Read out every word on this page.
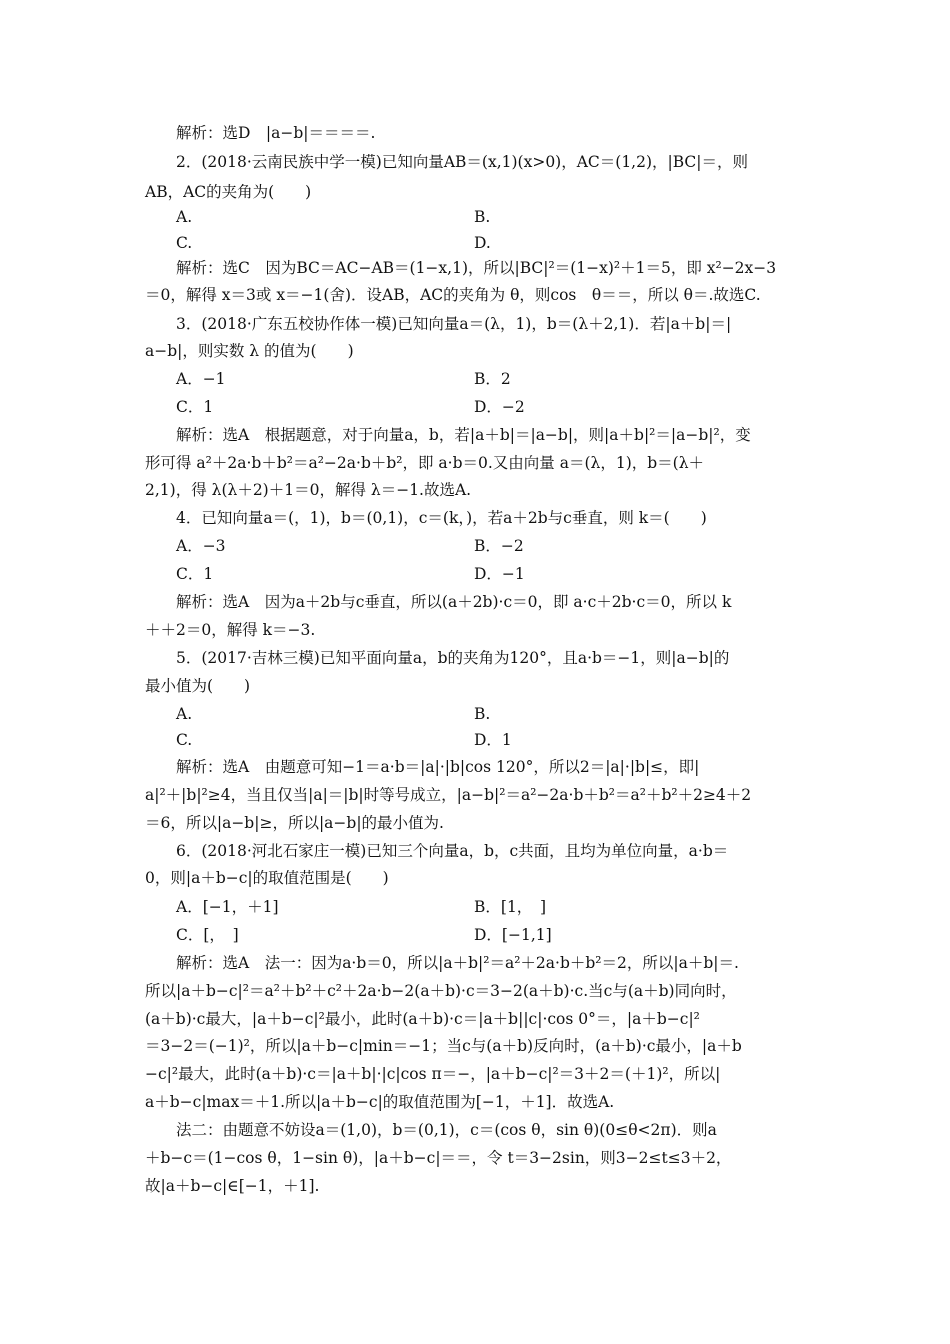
解析：选D　|a−b|＝＝＝＝.

2．(2018·云南民族中学一模)已知向量AB＝(x,1)(x>0)，AC＝(1,2)，|BC|＝，则

AB，AC的夹角为(　　)

A.	B.
C.	D.

解析：选C　因为BC＝AC−AB＝(1−x,1)，所以|BC|²＝(1−x)²＋1＝5，即 x²−2x−3

＝0，解得 x＝3或 x＝−1(舍)．设AB，AC的夹角为 θ，则cos　θ＝＝，所以 θ＝.故选C.

3．(2018·广东五校协作体一模)已知向量a＝(λ，1)，b＝(λ＋2,1)．若|a＋b|＝|

a−b|，则实数 λ 的值为(　　)

A．−1	B．2
C．1	D．−2

解析：选A　根据题意，对于向量a，b，若|a＋b|＝|a−b|，则|a＋b|²＝|a−b|²，变

形可得 a²＋2a·b＋b²＝a²−2a·b＋b²，即 a·b＝0.又由向量 a＝(λ，1)，b＝(λ＋

2,1)，得 λ(λ＋2)＋1＝0，解得 λ＝−1.故选A.

4．已知向量a＝(，1)，b＝(0,1)，c＝(k，)，若a＋2b与c垂直，则 k＝(　　)

A．−3	B．−2
C．1	D．−1

解析：选A　因为a＋2b与c垂直，所以(a＋2b)·c＝0，即 a·c＋2b·c＝0，所以 k

＋＋2＝0，解得 k＝−3.

5．(2017·吉林三模)已知平面向量a，b的夹角为120°，且a·b＝−1，则|a−b|的

最小值为(　　)

A.	B.
C.	D．1

解析：选A　由题意可知−1＝a·b＝|a|·|b|cos 120°，所以2＝|a|·|b|≤，即|

a|²＋|b|²≥4，当且仅当|a|＝|b|时等号成立，|a−b|²＝a²−2a·b＋b²＝a²＋b²＋2≥4＋2

＝6，所以|a−b|≥，所以|a−b|的最小值为.

6．(2018·河北石家庄一模)已知三个向量a，b，c共面，且均为单位向量，a·b＝

0，则|a＋b−c|的取值范围是(　　)

A．[−1，＋1]	B．[1，　]
C．[，　]	D．[−1,1]

解析：选A　法一：因为a·b＝0，所以|a＋b|²＝a²＋2a·b＋b²＝2，所以|a＋b|＝.

所以|a＋b−c|²＝a²＋b²＋c²＋2a·b−2(a＋b)·c＝3−2(a＋b)·c.当c与(a＋b)同向时，

(a＋b)·c最大，|a＋b−c|²最小，此时(a＋b)·c＝|a＋b||c|·cos 0°＝，|a＋b−c|²

＝3−2＝(−1)²，所以|a＋b−c|min＝−1；当c与(a＋b)反向时，(a＋b)·c最小，|a＋b

−c|²最大，此时(a＋b)·c＝|a＋b|·|c|cos π＝−，|a＋b−c|²＝3＋2＝(＋1)²，所以|

a＋b−c|max＝＋1.所以|a＋b−c|的取值范围为[−1，＋1]．故选A.

法二：由题意不妨设a＝(1,0)，b＝(0,1)，c＝(cos θ，sin θ)(0≤θ<2π)．则a

＋b−c＝(1−cos θ，1−sin θ)，|a＋b−c|＝＝，令 t＝3−2sin，则3−2≤t≤3＋2，

故|a＋b−c|∈[−1，＋1].
